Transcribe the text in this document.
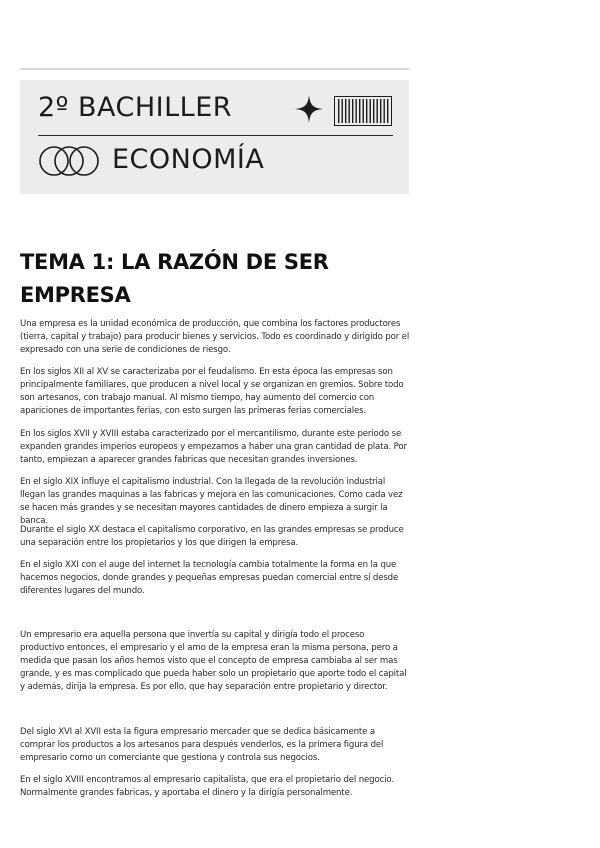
2º BACHILLER
ECONOMÍA
TEMA 1: LA RAZÓN DE SER EMPRESA

Una empresa es la unidad económica de producción, que combina los factores productores (tierra, capital y trabajo) para producir bienes y servicios. Todo es coordinado y dirigido por el expresado con una serie de condiciones de riesgo.

En los siglos XII al XV se caracterizaba por el feudalismo. En esta época las empresas son principalmente familiares, que producen a nivel local y se organizan en gremios. Sobre todo son artesanos, con trabajo manual. Al mismo tiempo, hay aumento del comercio con apariciones de importantes ferias, con esto surgen las primeras ferias comerciales.

En los siglos XVII y XVIII estaba caracterizado por el mercantilismo, durante este periodo se expanden grandes imperios europeos y empezamos a haber una gran cantidad de plata. Por tanto, empiezan a aparecer grandes fabricas que necesitan grandes inversiones.

En el siglo XIX influye el capitalismo industrial. Con la llegada de la revolución industrial llegan las grandes maquinas a las fabricas y mejora en las comunicaciones. Como cada vez se hacen más grandes y se necesitan mayores cantidades de dinero empieza a surgir la banca.

Durante el siglo XX destaca el capitalismo corporativo, en las grandes empresas se produce una separación entre los propietarios y los que dirigen la empresa.

En el siglo XXI con el auge del internet la tecnología cambia totalmente la forma en la que hacemos negocios, donde grandes y pequeñas empresas puedan comercial entre sí desde diferentes lugares del mundo.

Un empresario era aquella persona que invertía su capital y dirigía todo el proceso productivo entonces, el empresario y el amo de la empresa eran la misma persona, pero a medida que pasan los años hemos visto que el concepto de empresa cambiaba al ser mas grande, y es mas complicado que pueda haber solo un propietario que aporte todo el capital y además, dirija la empresa. Es por ello, que hay separación entre propietario y director.

Del siglo XVI al XVII esta la figura empresario mercader que se dedica básicamente a comprar los productos a los artesanos para después venderlos, es la primera figura del empresario como un comerciante que gestiona y controla sus negocios.

En el siglo XVIII encontramos al empresario capitalista, que era el propietario del negocio. Normalmente grandes fabricas, y aportaba el dinero y la dirigía personalmente.
